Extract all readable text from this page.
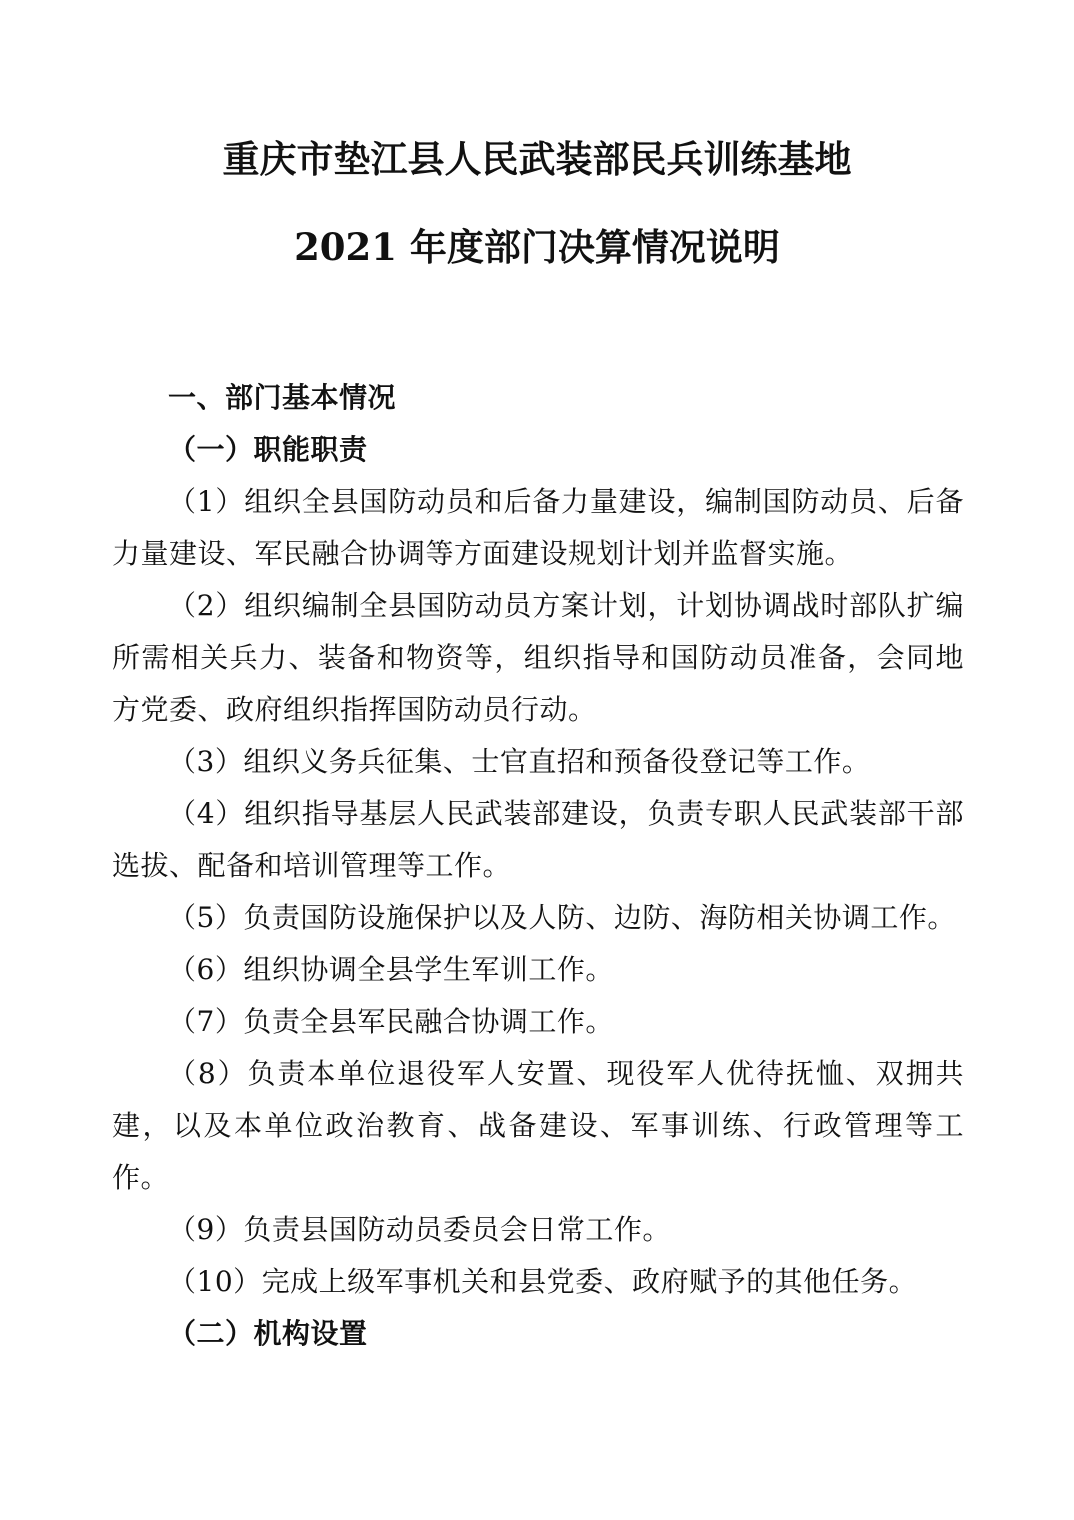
重庆市垫江县人民武装部民兵训练基地
2021 年度部门决算情况说明

一、部门基本情况

（一）职能职责

（1）组织全县国防动员和后备力量建设，编制国防动员、后备力量建设、军民融合协调等方面建设规划计划并监督实施。

（2）组织编制全县国防动员方案计划，计划协调战时部队扩编所需相关兵力、装备和物资等，组织指导和国防动员准备，会同地方党委、政府组织指挥国防动员行动。

（3）组织义务兵征集、士官直招和预备役登记等工作。

（4）组织指导基层人民武装部建设，负责专职人民武装部干部选拔、配备和培训管理等工作。

（5）负责国防设施保护以及人防、边防、海防相关协调工作。

（6）组织协调全县学生军训工作。

（7）负责全县军民融合协调工作。

（8）负责本单位退役军人安置、现役军人优待抚恤、双拥共建，以及本单位政治教育、战备建设、军事训练、行政管理等工作。

（9）负责县国防动员委员会日常工作。

（10）完成上级军事机关和县党委、政府赋予的其他任务。

（二）机构设置
